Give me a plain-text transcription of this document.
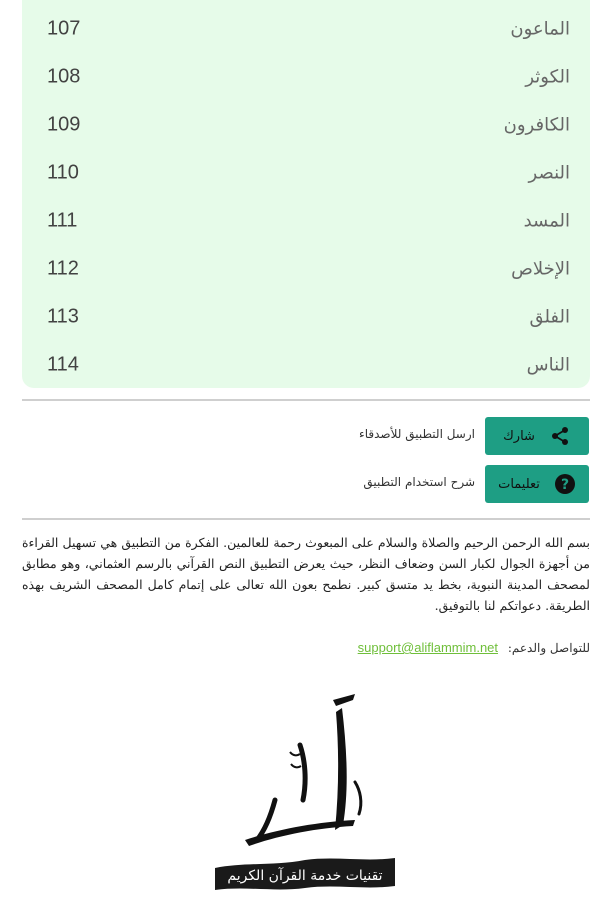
107	الماعون
108	الكوثر
109	الكافرون
110	النصر
111	المسد
112	الإخلاص
113	الفلق
114	الناس
شارك
ارسل التطبيق للأصدقاء
?
تعليمات
شرح استخدام التطبيق

بسم الله الرحمن الرحيم والصلاة والسلام على المبعوث رحمة للعالمين. الفكرة من التطبيق هي تسهيل القراءة من أجهزة الجوال لكبار السن وضعاف النظر، حيث يعرض التطبيق النص القرآني بالرسم العثماني، وهو مطابق لمصحف المدينة النبوية، بخط يد متسق كبير. نطمح بعون الله تعالى على إتمام كامل المصحف الشريف بهذه الطريقة. دعواتكم لنا بالتوفيق.

للتواصل والدعم: support@aliflammim.net
تقنيات خدمة القرآن الكريم
